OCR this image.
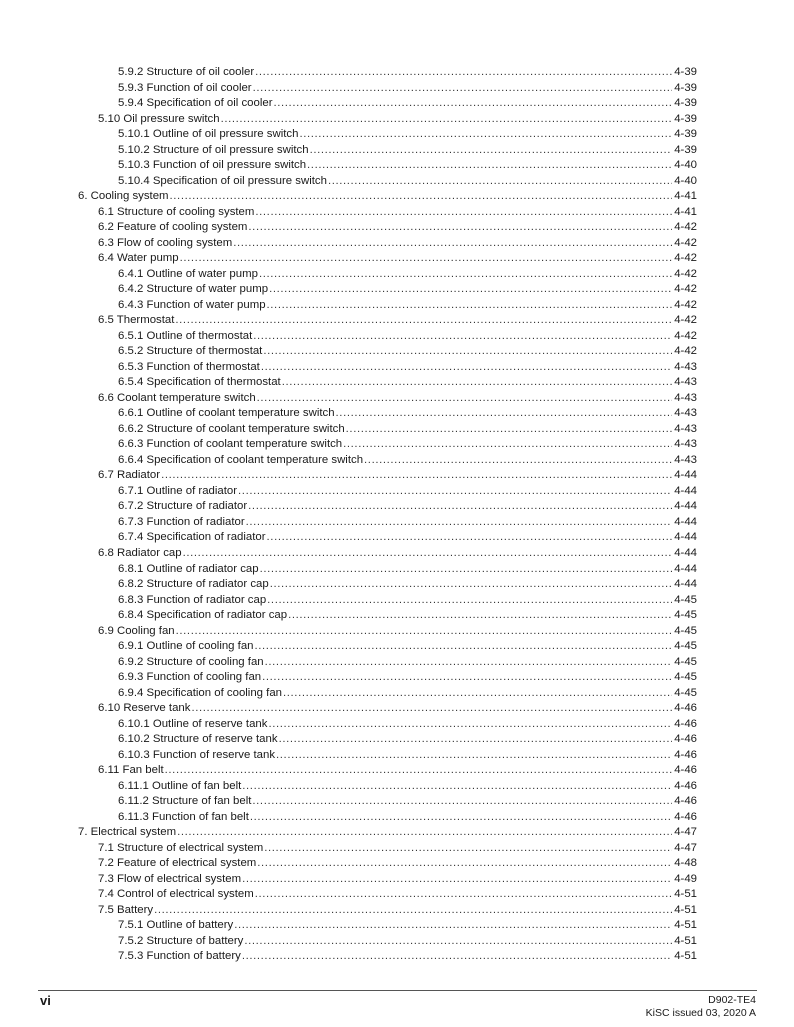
5.9.2 Structure of oil cooler .....	4-39
5.9.3 Function of oil cooler .....	4-39
5.9.4 Specification of oil cooler .....	4-39
5.10 Oil pressure switch .....	4-39
5.10.1 Outline of oil pressure switch .....	4-39
5.10.2 Structure of oil pressure switch .....	4-39
5.10.3 Function of oil pressure switch .....	4-40
5.10.4 Specification of oil pressure switch .....	4-40
6. Cooling system .....	4-41
6.1 Structure of cooling system .....	4-41
6.2 Feature of cooling system .....	4-42
6.3 Flow of cooling system .....	4-42
6.4 Water pump .....	4-42
6.4.1 Outline of water pump .....	4-42
6.4.2 Structure of water pump .....	4-42
6.4.3 Function of water pump .....	4-42
6.5 Thermostat .....	4-42
6.5.1 Outline of thermostat .....	4-42
6.5.2 Structure of thermostat .....	4-42
6.5.3 Function of thermostat .....	4-43
6.5.4 Specification of thermostat .....	4-43
6.6 Coolant temperature switch .....	4-43
6.6.1 Outline of coolant temperature switch .....	4-43
6.6.2 Structure of coolant temperature switch .....	4-43
6.6.3 Function of coolant temperature switch .....	4-43
6.6.4 Specification of coolant temperature switch .....	4-43
6.7 Radiator .....	4-44
6.7.1 Outline of radiator .....	4-44
6.7.2 Structure of radiator .....	4-44
6.7.3 Function of radiator .....	4-44
6.7.4 Specification of radiator .....	4-44
6.8 Radiator cap .....	4-44
6.8.1 Outline of radiator cap .....	4-44
6.8.2 Structure of radiator cap .....	4-44
6.8.3 Function of radiator cap .....	4-45
6.8.4 Specification of radiator cap .....	4-45
6.9 Cooling fan .....	4-45
6.9.1 Outline of cooling fan .....	4-45
6.9.2 Structure of cooling fan .....	4-45
6.9.3 Function of cooling fan .....	4-45
6.9.4 Specification of cooling fan .....	4-45
6.10 Reserve tank .....	4-46
6.10.1 Outline of reserve tank .....	4-46
6.10.2 Structure of reserve tank .....	4-46
6.10.3 Function of reserve tank .....	4-46
6.11 Fan belt .....	4-46
6.11.1 Outline of fan belt .....	4-46
6.11.2 Structure of fan belt .....	4-46
6.11.3 Function of fan belt .....	4-46
7. Electrical system .....	4-47
7.1 Structure of electrical system .....	4-47
7.2 Feature of electrical system .....	4-48
7.3 Flow of electrical system .....	4-49
7.4 Control of electrical system .....	4-51
7.5 Battery .....	4-51
7.5.1 Outline of battery .....	4-51
7.5.2 Structure of battery .....	4-51
7.5.3 Function of battery .....	4-51
vi	D902-TE4
KiSC issued 03, 2020 A
